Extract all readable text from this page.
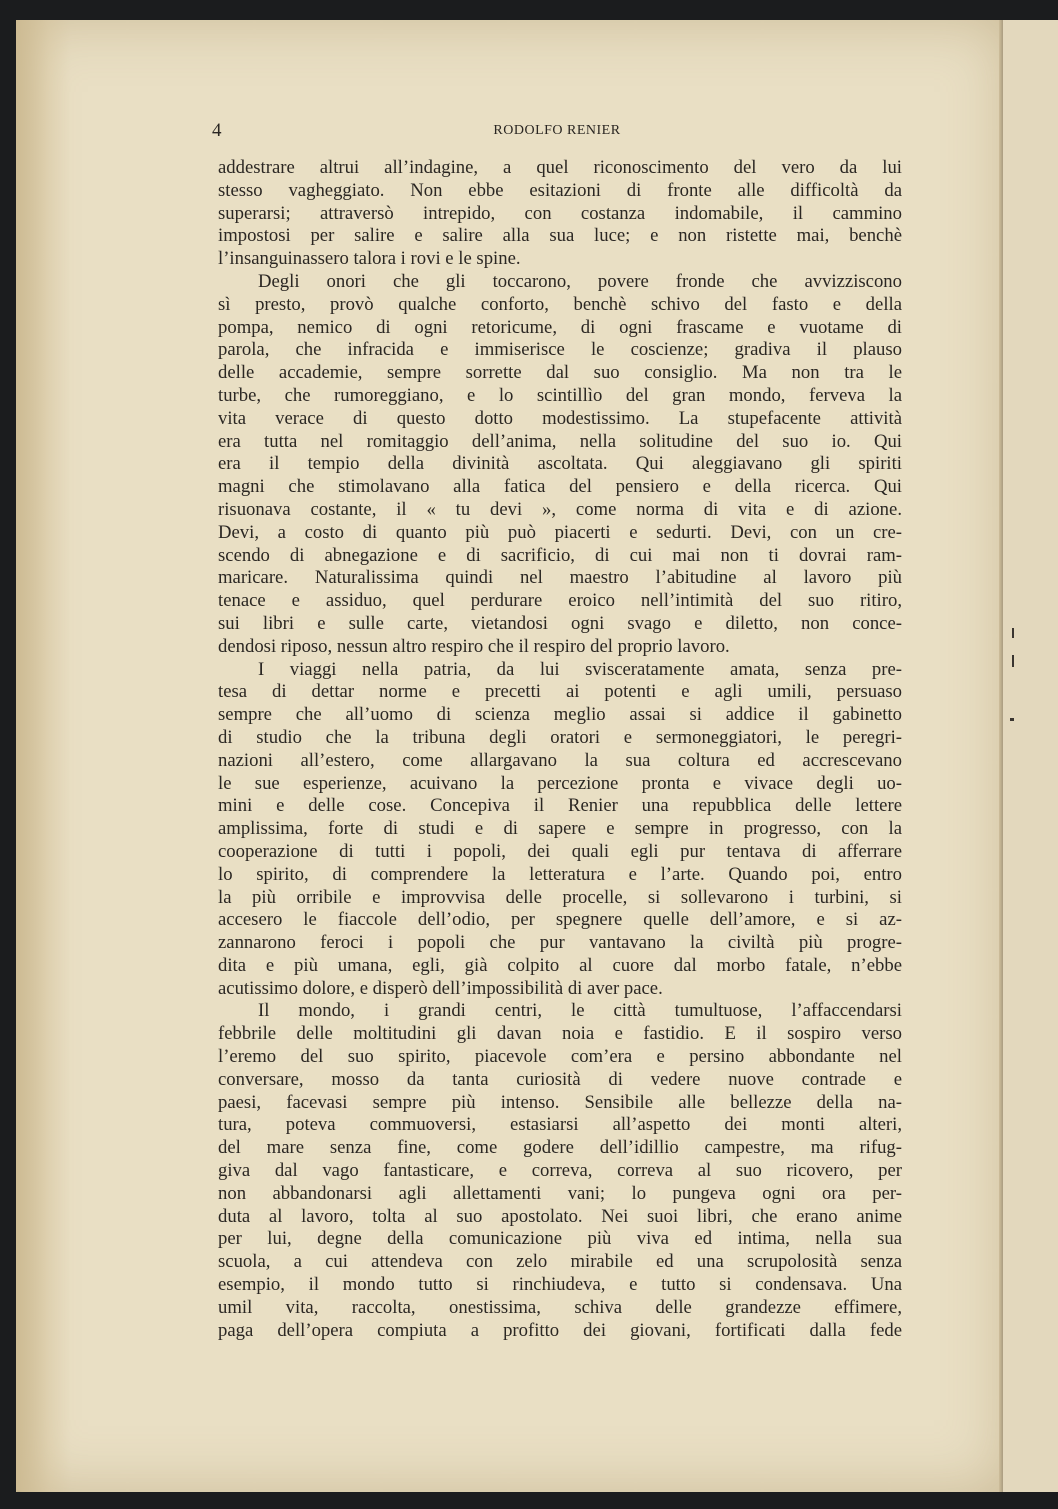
4	RODOLFO RENIER
addestrare altrui all’indagine, a quel riconoscimento del vero da lui
stesso vagheggiato. Non ebbe esitazioni di fronte alle difficoltà da
superarsi; attraversò intrepido, con costanza indomabile, il cammino
impostosi per salire e salire alla sua luce; e non ristette mai, benchè
l’insanguinassero talora i rovi e le spine.
Degli onori che gli toccarono, povere fronde che avvizziscono
sì presto, provò qualche conforto, benchè schivo del fasto e della
pompa, nemico di ogni retoricume, di ogni frascame e vuotame di
parola, che infracida e immiserisce le coscienze; gradiva il plauso
delle accademie, sempre sorrette dal suo consiglio. Ma non tra le
turbe, che rumoreggiano, e lo scintillìo del gran mondo, ferveva la
vita verace di questo dotto modestissimo. La stupefacente attività
era tutta nel romitaggio dell’anima, nella solitudine del suo io. Qui
era il tempio della divinità ascoltata. Qui aleggiavano gli spiriti
magni che stimolavano alla fatica del pensiero e della ricerca. Qui
risuonava costante, il « tu devi », come norma di vita e di azione.
Devi, a costo di quanto più può piacerti e sedurti. Devi, con un cre-
scendo di abnegazione e di sacrificio, di cui mai non ti dovrai ram-
maricare. Naturalissima quindi nel maestro l’abitudine al lavoro più
tenace e assiduo, quel perdurare eroico nell’intimità del suo ritiro,
sui libri e sulle carte, vietandosi ogni svago e diletto, non conce-
dendosi riposo, nessun altro respiro che il respiro del proprio lavoro.
I viaggi nella patria, da lui svisceratamente amata, senza pre-
tesa di dettar norme e precetti ai potenti e agli umili, persuaso
sempre che all’uomo di scienza meglio assai si addice il gabinetto
di studio che la tribuna degli oratori e sermoneggiatori, le peregri-
nazioni all’estero, come allargavano la sua coltura ed accrescevano
le sue esperienze, acuivano la percezione pronta e vivace degli uo-
mini e delle cose. Concepiva il Renier una repubblica delle lettere
amplissima, forte di studi e di sapere e sempre in progresso, con la
cooperazione di tutti i popoli, dei quali egli pur tentava di afferrare
lo spirito, di comprendere la letteratura e l’arte. Quando poi, entro
la più orribile e improvvisa delle procelle, si sollevarono i turbini, si
accesero le fiaccole dell’odio, per spegnere quelle dell’amore, e si az-
zannarono feroci i popoli che pur vantavano la civiltà più progre-
dita e più umana, egli, già colpito al cuore dal morbo fatale, n’ebbe
acutissimo dolore, e disperò dell’impossibilità di aver pace.
Il mondo, i grandi centri, le città tumultuose, l’affaccendarsi
febbrile delle moltitudini gli davan noia e fastidio. E il sospiro verso
l’eremo del suo spirito, piacevole com’era e persino abbondante nel
conversare, mosso da tanta curiosità di vedere nuove contrade e
paesi, facevasi sempre più intenso. Sensibile alle bellezze della na-
tura, poteva commuoversi, estasiarsi all’aspetto dei monti alteri,
del mare senza fine, come godere dell’idillio campestre, ma rifug-
giva dal vago fantasticare, e correva, correva al suo ricovero, per
non abbandonarsi agli allettamenti vani; lo pungeva ogni ora per-
duta al lavoro, tolta al suo apostolato. Nei suoi libri, che erano anime
per lui, degne della comunicazione più viva ed intima, nella sua
scuola, a cui attendeva con zelo mirabile ed una scrupolosità senza
esempio, il mondo tutto si rinchiudeva, e tutto si condensava. Una
umil vita, raccolta, onestissima, schiva delle grandezze effimere,
paga dell’opera compiuta a profitto dei giovani, fortificati dalla fede
